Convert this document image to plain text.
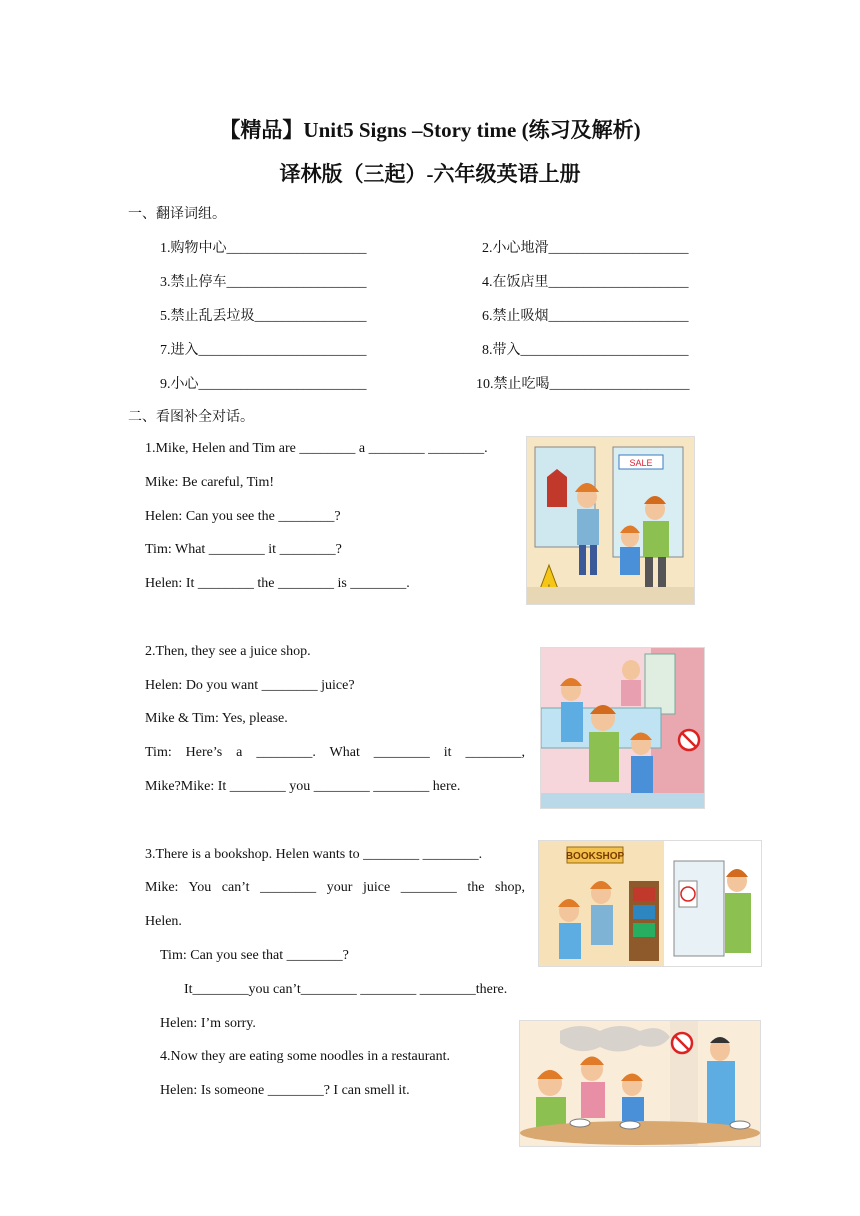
【精品】Unit5 Signs –Story time (练习及解析)
译林版（三起）-六年级英语上册
一、翻译词组。
1.购物中心____________________	2.小心地滑____________________
3.禁止停车____________________	4.在饭店里____________________
5.禁止乱丢垃圾________________	6.禁止吸烟____________________
7.进入________________________	8.带入________________________
9.小心________________________	10.禁止吃喝____________________
二、看图补全对话。
1.Mike, Helen and Tim are ________ a ________ ________.
Mike: Be careful, Tim!
Helen: Can you see the ________?
Tim: What ________ it ________?
Helen: It ________ the ________ is ________.
SALE
2.Then, they see a juice shop.
Helen: Do you want ________ juice?
Mike & Tim: Yes, please.
Tim: Here’s a ________. What ________ it ________,
Mike?Mike: It ________ you ________ ________ here.
3.There is a bookshop. Helen wants to ________ ________.
Mike: You can’t ________ your juice ________ the shop,
Helen.
Tim: Can you see that ________?
It________you can’t________ ________ ________there.
Helen: I’m sorry.
BOOKSHOP
4.Now they are eating some noodles in a restaurant.
Helen: Is someone ________? I can smell it.
